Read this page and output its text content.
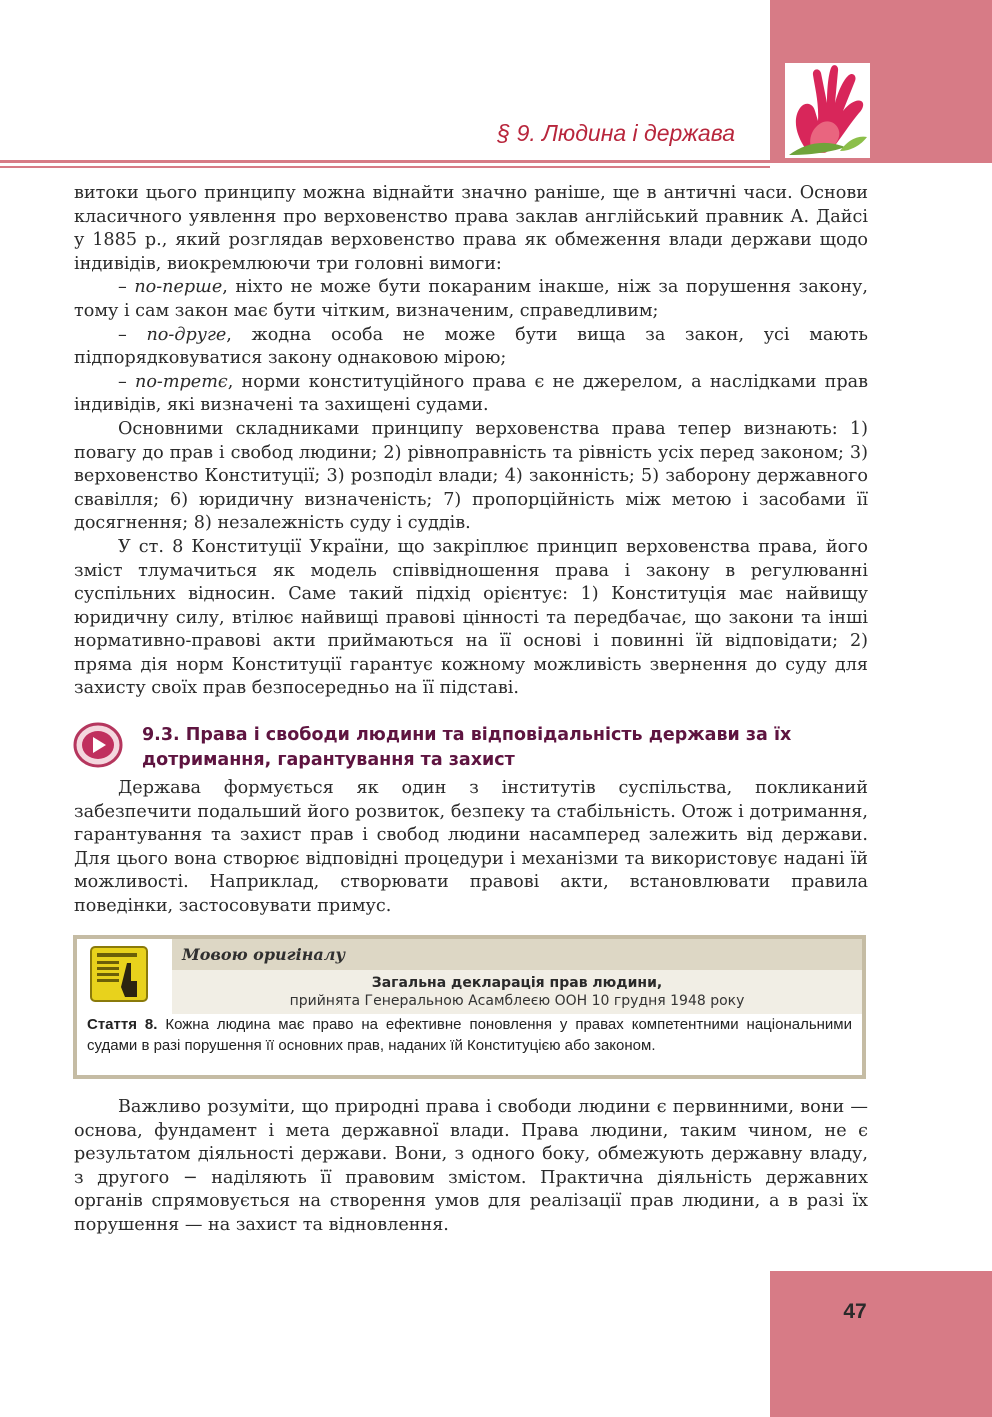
§ 9. Людина і держава

витоки цього принципу можна віднайти значно раніше, ще в античні часи. Основи класичного уявлення про верховенство права заклав англійський правник А. Дайсі у 1885 р., який розглядав верховенство права як обмеження влади держави щодо індивідів, виокремлюючи три головні вимоги:

– по-перше, ніхто не може бути покараним інакше, ніж за порушення закону, тому і сам закон має бути чітким, визначеним, справедливим;

– по-друге, жодна особа не може бути вищa за закон, усі мають підпорядковуватися закону однаковою мірою;

– по-третє, норми конституційного права є не джерелом, а наслідками прав індивідів, які визначені та захищені судами.

Основними складниками принципу верховенства права тепер визнають: 1) повагу до прав і свобод людини; 2) рівноправність та рівність усіх перед законом; 3) верховенство Конституції; 3) розподіл влади; 4) законність; 5) заборону державного свавілля; 6) юридичну визначеність; 7) пропорційність між метою і засобами її досягнення; 8) незалежність суду і суддів.

У ст. 8 Конституції України, що закріплює принцип верховенства права, його зміст тлумачиться як модель співвідношення права і закону в регулюванні суспільних відносин. Саме такий підхід орієнтує: 1) Конституція має найвищу юридичну силу, втілює найвищі правові цінності та передбачає, що закони та інші нормативно-правові акти приймаються на її основі і повинні їй відповідати; 2) пряма дія норм Конституції гарантує кожному можливість звернення до суду для захисту своїх прав безпосередньо на її підставі.

9.3. Права і свободи людини та відповідальність держави за їх дотримання, гарантування та захист

Держава формується як один з інститутів суспільства, покликаний забезпечити подальший його розвиток, безпеку та стабільність. Отож і дотримання, гарантування та захист прав і свобод людини насамперед залежить від держави. Для цього вона створює відповідні процедури і механізми та використовує надані їй можливості. Наприклад, створювати правові акти, встановлювати правила поведінки, застосовувати примус.

Мовою оригіналу
Загальна декларація прав людини,
прийнята Генеральною Асамблеєю ООН 10 грудня 1948 року
Стаття 8. Кожна людина має право на ефективне поновлення у правах компетентними національними судами в разі порушення її основних прав, наданих їй Конституцією або законом.

Важливо розуміти, що природні права і свободи людини є первинними, вони — основа, фундамент і мета державної влади. Права людини, таким чином, не є результатом діяльності держави. Вони, з одного боку, обмежують державну владу, з другого − наділяють її правовим змістом. Практична діяльність державних органів спрямовується на створення умов для реалізації прав людини, а в разі їх порушення — на захист та відновлення.

47
